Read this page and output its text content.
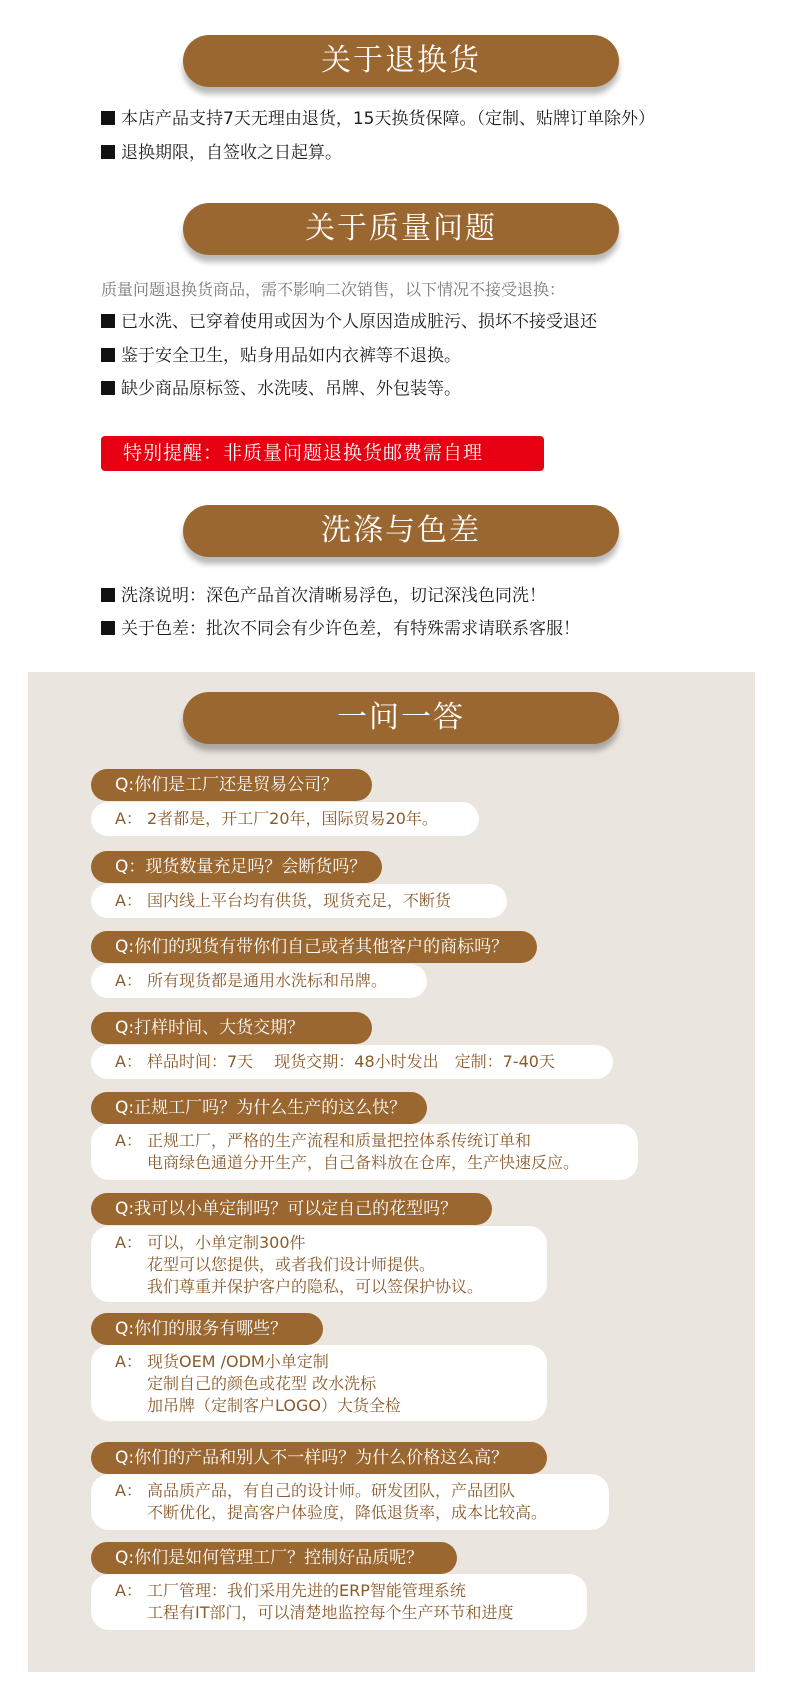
关于退换货
本店产品支持7天无理由退货，15天换货保障。（定制、贴牌订单除外）
退换期限，自签收之日起算。
关于质量问题
质量问题退换货商品，需不影响二次销售，以下情况不接受退换：
已水洗、已穿着使用或因为个人原因造成脏污、损坏不接受退还
鉴于安全卫生，贴身用品如内衣裤等不退换。
缺少商品原标签、水洗唛、吊牌、外包装等。
特别提醒：非质量问题退换货邮费需自理
洗涤与色差
洗涤说明：深色产品首次清晰易浮色，切记深浅色同洗！
关于色差：批次不同会有少许色差，有特殊需求请联系客服！
一问一答
Q:你们是工厂还是贸易公司？
A： 2者都是，开工厂20年，国际贸易20年。
Q：现货数量充足吗？会断货吗？
A： 国内线上平台均有供货，现货充足，不断货
Q:你们的现货有带你们自己或者其他客户的商标吗？
A： 所有现货都是通用水洗标和吊牌。
Q:打样时间、大货交期？
A： 样品时间：7天　 现货交期：48小时发出　定制：7-40天
Q:正规工厂吗？为什么生产的这么快？
A： 正规工厂，严格的生产流程和质量把控体系传统订单和
电商绿色通道分开生产，自己备料放在仓库，生产快速反应。
Q:我可以小单定制吗？可以定自己的花型吗？
A： 可以，小单定制300件
花型可以您提供，或者我们设计师提供。
我们尊重并保护客户的隐私，可以签保护协议。
Q:你们的服务有哪些？
A： 现货OEM /ODM小单定制
定制自己的颜色或花型 改水洗标
加吊牌（定制客户LOGO）大货全检
Q:你们的产品和别人不一样吗？为什么价格这么高？
A： 高品质产品，有自己的设计师。研发团队，产品团队
不断优化，提高客户体验度，降低退货率，成本比较高。
Q:你们是如何管理工厂？控制好品质呢？
A： 工厂管理：我们采用先进的ERP智能管理系统
工程有IT部门，可以清楚地监控每个生产环节和进度
